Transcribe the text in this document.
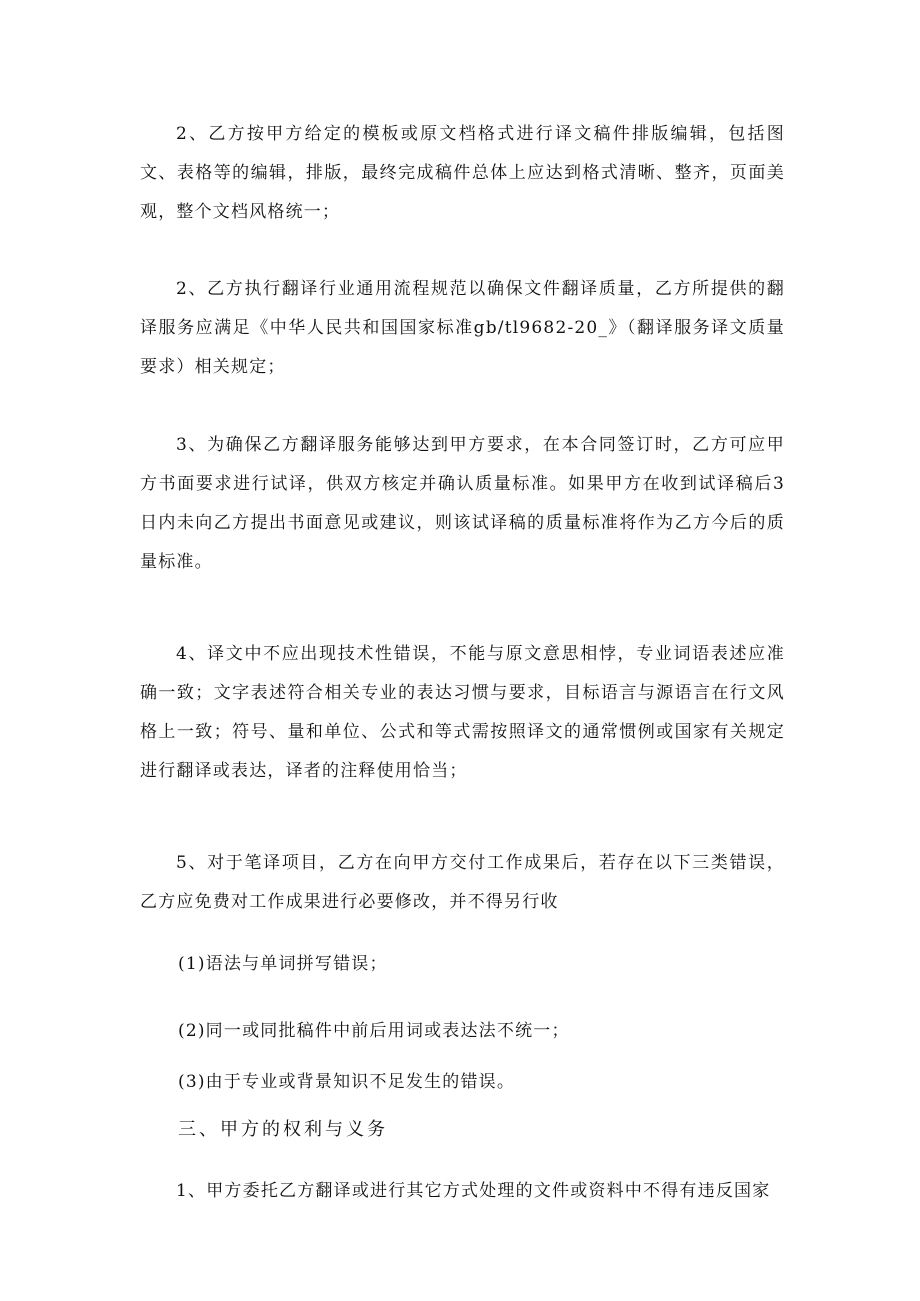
2、乙方按甲方给定的模板或原文档格式进行译文稿件排版编辑，包括图文、表格等的编辑，排版，最终完成稿件总体上应达到格式清晰、整齐，页面美观，整个文档风格统一；

2、乙方执行翻译行业通用流程规范以确保文件翻译质量，乙方所提供的翻译服务应满足《中华人民共和国国家标准gb/tl9682-20_》（翻译服务译文质量要求）相关规定；

3、为确保乙方翻译服务能够达到甲方要求，在本合同签订时，乙方可应甲方书面要求进行试译，供双方核定并确认质量标准。如果甲方在收到试译稿后3日内未向乙方提出书面意见或建议，则该试译稿的质量标准将作为乙方今后的质量标准。

4、译文中不应出现技术性错误，不能与原文意思相悖，专业词语表述应准确一致；文字表述符合相关专业的表达习惯与要求，目标语言与源语言在行文风格上一致；符号、量和单位、公式和等式需按照译文的通常惯例或国家有关规定进行翻译或表达，译者的注释使用恰当；

5、对于笔译项目，乙方在向甲方交付工作成果后，若存在以下三类错误，乙方应免费对工作成果进行必要修改，并不得另行收

(1)语法与单词拼写错误；

(2)同一或同批稿件中前后用词或表达法不统一；

(3)由于专业或背景知识不足发生的错误。

三、甲方的权利与义务

1、甲方委托乙方翻译或进行其它方式处理的文件或资料中不得有违反国家
